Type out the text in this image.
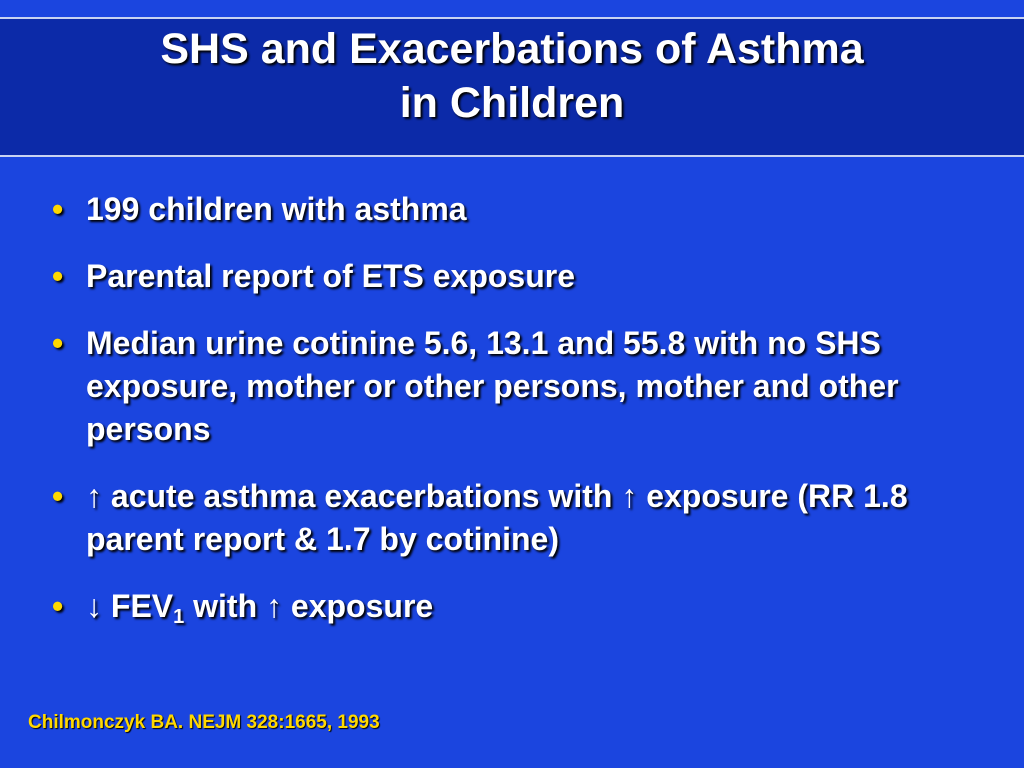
SHS and Exacerbations of Asthma
in Children
• 199 children with asthma
• Parental report of ETS exposure
• Median urine cotinine 5.6, 13.1 and 55.8 with no SHS exposure, mother or other persons, mother and other persons
• ↑ acute asthma exacerbations with ↑ exposure (RR 1.8 parent report & 1.7 by cotinine)
• ↓ $FEV_1$ with ↑ exposure
Chilmonczyk BA. NEJM 328:1665, 1993
